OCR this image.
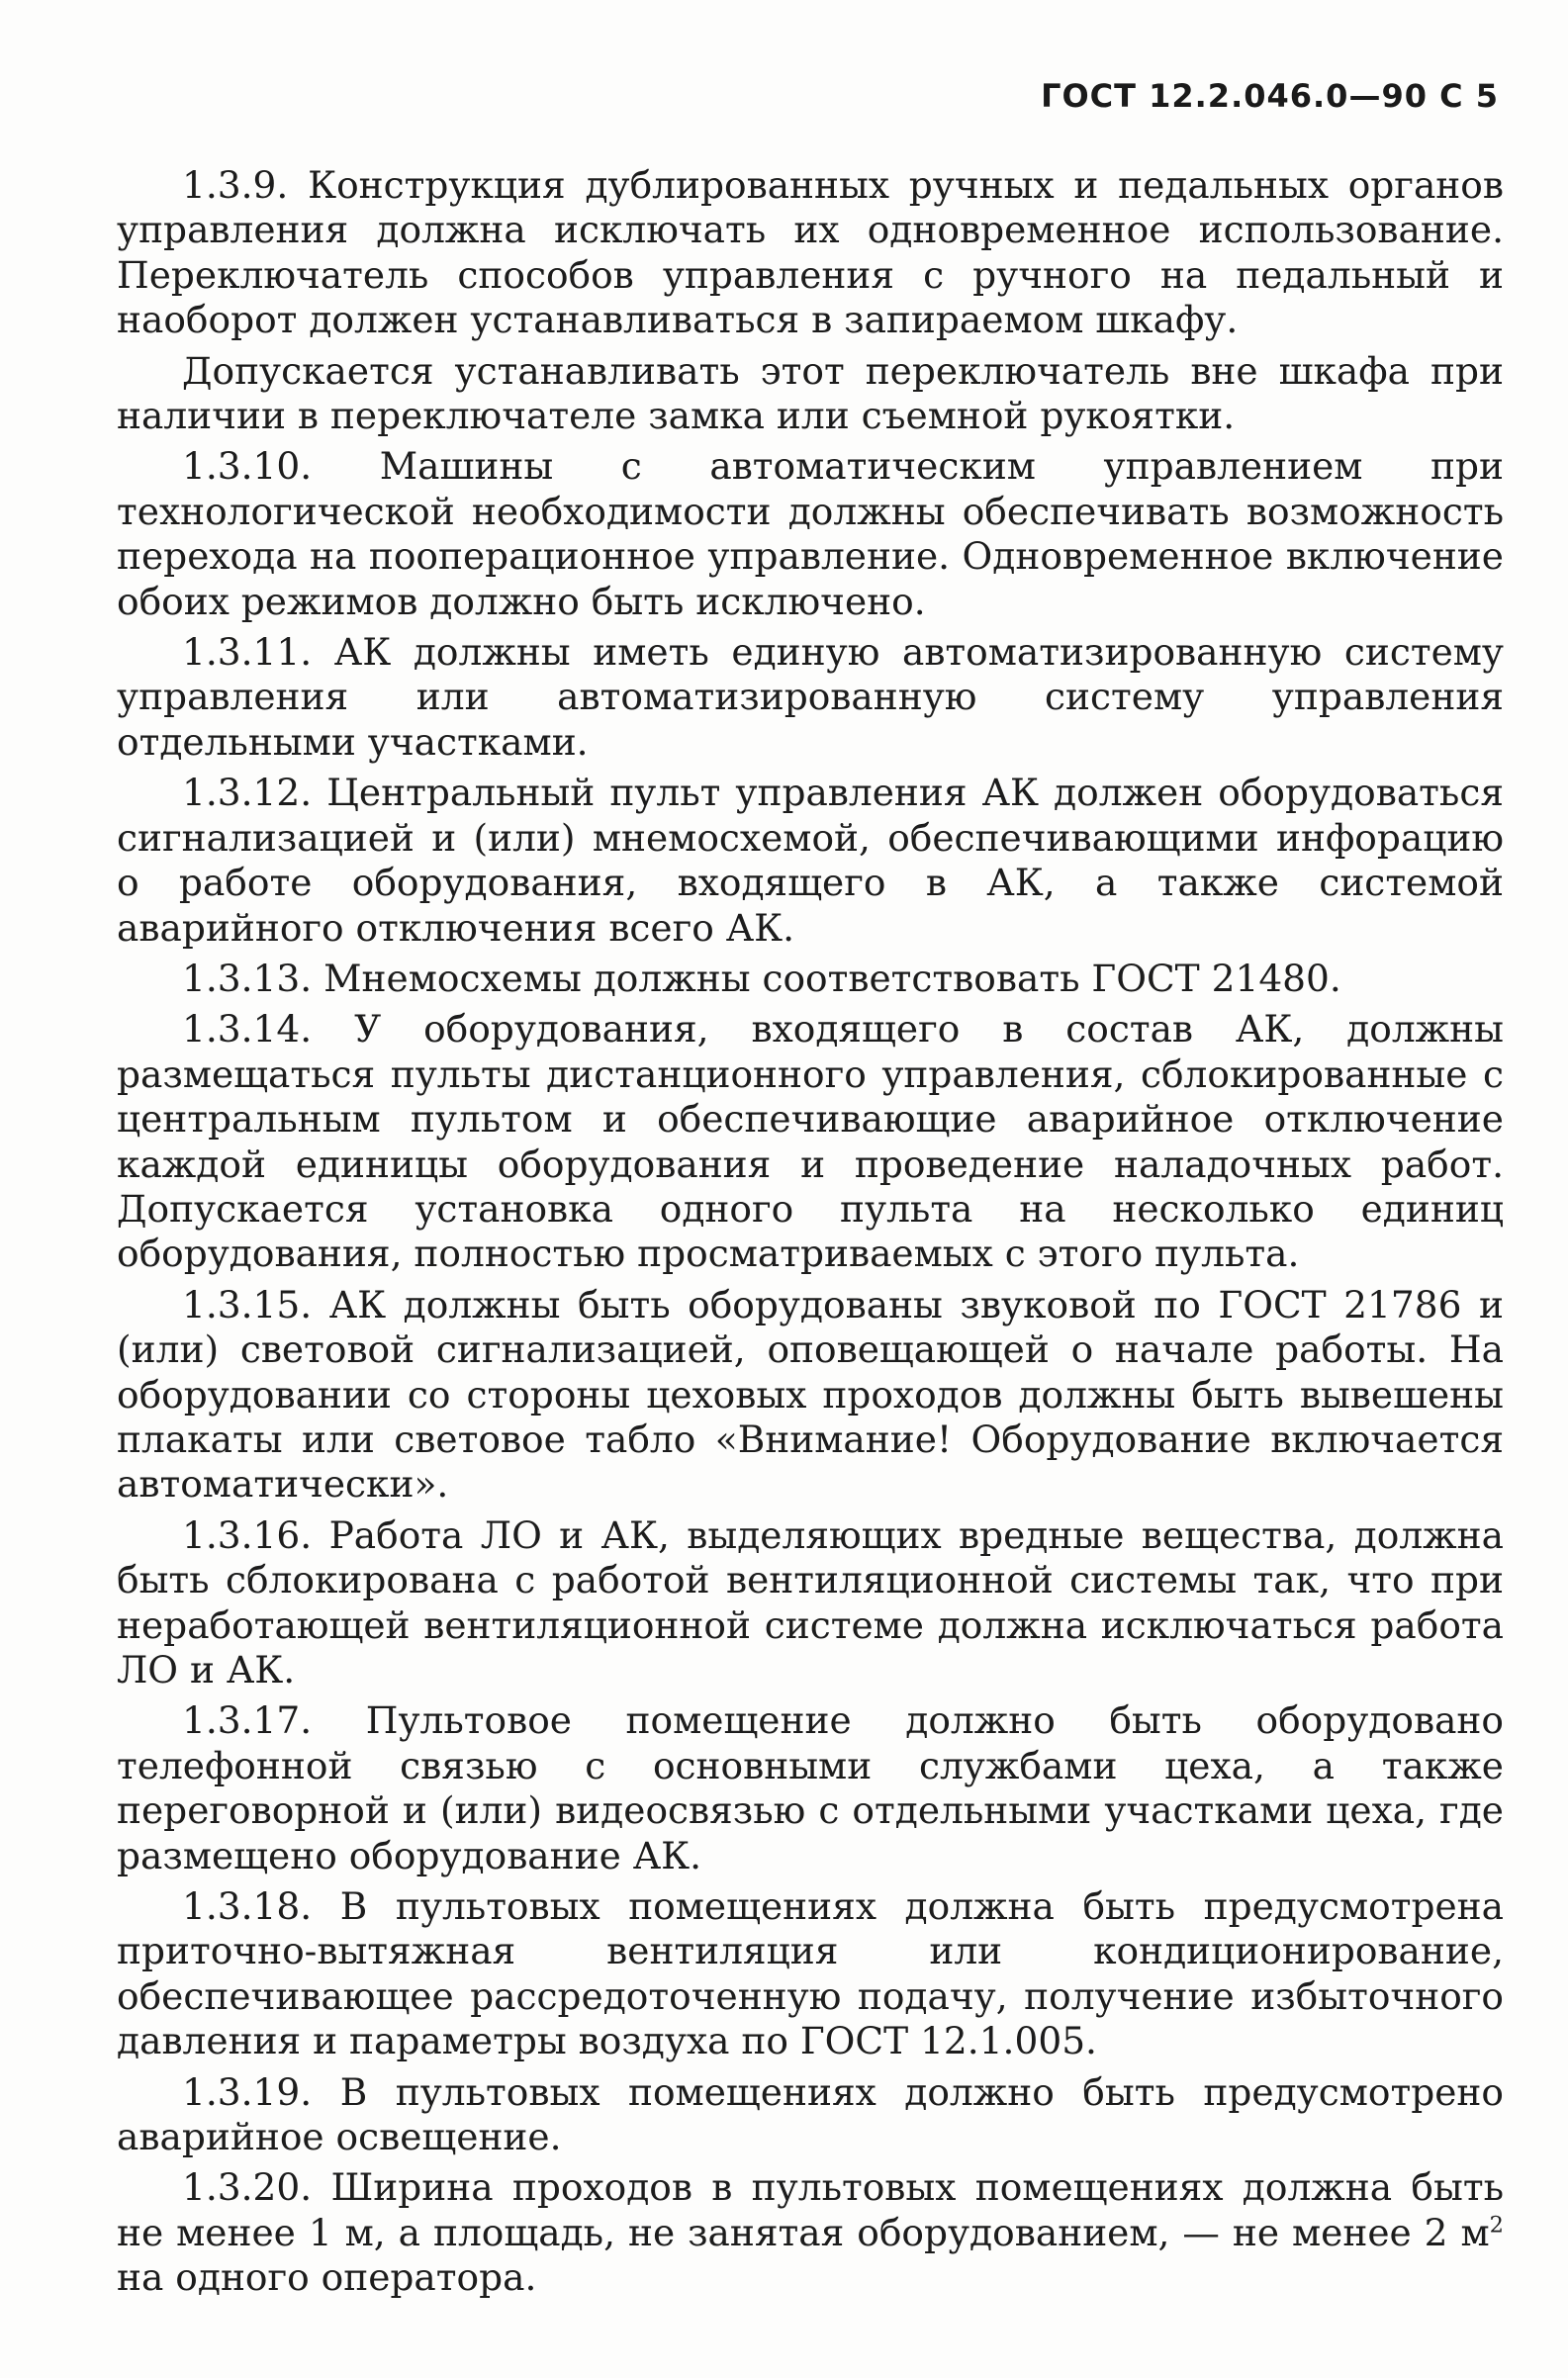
ГОСТ 12.2.046.0—90 С 5

1.3.9. Конструкция дублированных ручных и педальных органов управления должна исключать их одновременное использование. Переключатель способов управления с ручного на педальный и наоборот должен устанавливаться в запираемом шкафу.

Допускается устанавливать этот переключатель вне шкафа при наличии в переключателе замка или съемной рукоятки.

1.3.10. Машины с автоматическим управлением при технологической необходимости должны обеспечивать возможность перехода на пооперационное управление. Одновременное включение обоих режимов должно быть исключено.

1.3.11. АК должны иметь единую автоматизированную систему управления или автоматизированную систему управления отдельными участками.

1.3.12. Центральный пульт управления АК должен оборудоваться сигнализацией и (или) мнемосхемой, обеспечивающими инфорацию о работе оборудования, входящего в АК, а также системой аварийного отключения всего АК.

1.3.13. Мнемосхемы должны соответствовать ГОСТ 21480.

1.3.14. У оборудования, входящего в состав АК, должны размещаться пульты дистанционного управления, сблокированные с центральным пультом и обеспечивающие аварийное отключение каждой единицы оборудования и проведение наладочных работ. Допускается установка одного пульта на несколько единиц оборудования, полностью просматриваемых с этого пульта.

1.3.15. АК должны быть оборудованы звуковой по ГОСТ 21786 и (или) световой сигнализацией, оповещающей о начале работы. На оборудовании со стороны цеховых проходов должны быть вывешены плакаты или световое табло «Внимание! Оборудование включается автоматически».

1.3.16. Работа ЛО и АК, выделяющих вредные вещества, должна быть сблокирована с работой вентиляционной системы так, что при неработающей вентиляционной системе должна исключаться работа ЛО и АК.

1.3.17. Пультовое помещение должно быть оборудовано телефонной связью с основными службами цеха, а также переговорной и (или) видеосвязью с отдельными участками цеха, где размещено оборудование АК.

1.3.18. В пультовых помещениях должна быть предусмотрена приточно-вытяжная вентиляция или кондиционирование, обеспечивающее рассредоточенную подачу, получение избыточного давления и параметры воздуха по ГОСТ 12.1.005.

1.3.19. В пультовых помещениях должно быть предусмотрено аварийное освещение.

1.3.20. Ширина проходов в пультовых помещениях должна быть не менее 1 м, а площадь, не занятая оборудованием, — не менее 2 $м^2$ на одного оператора.
